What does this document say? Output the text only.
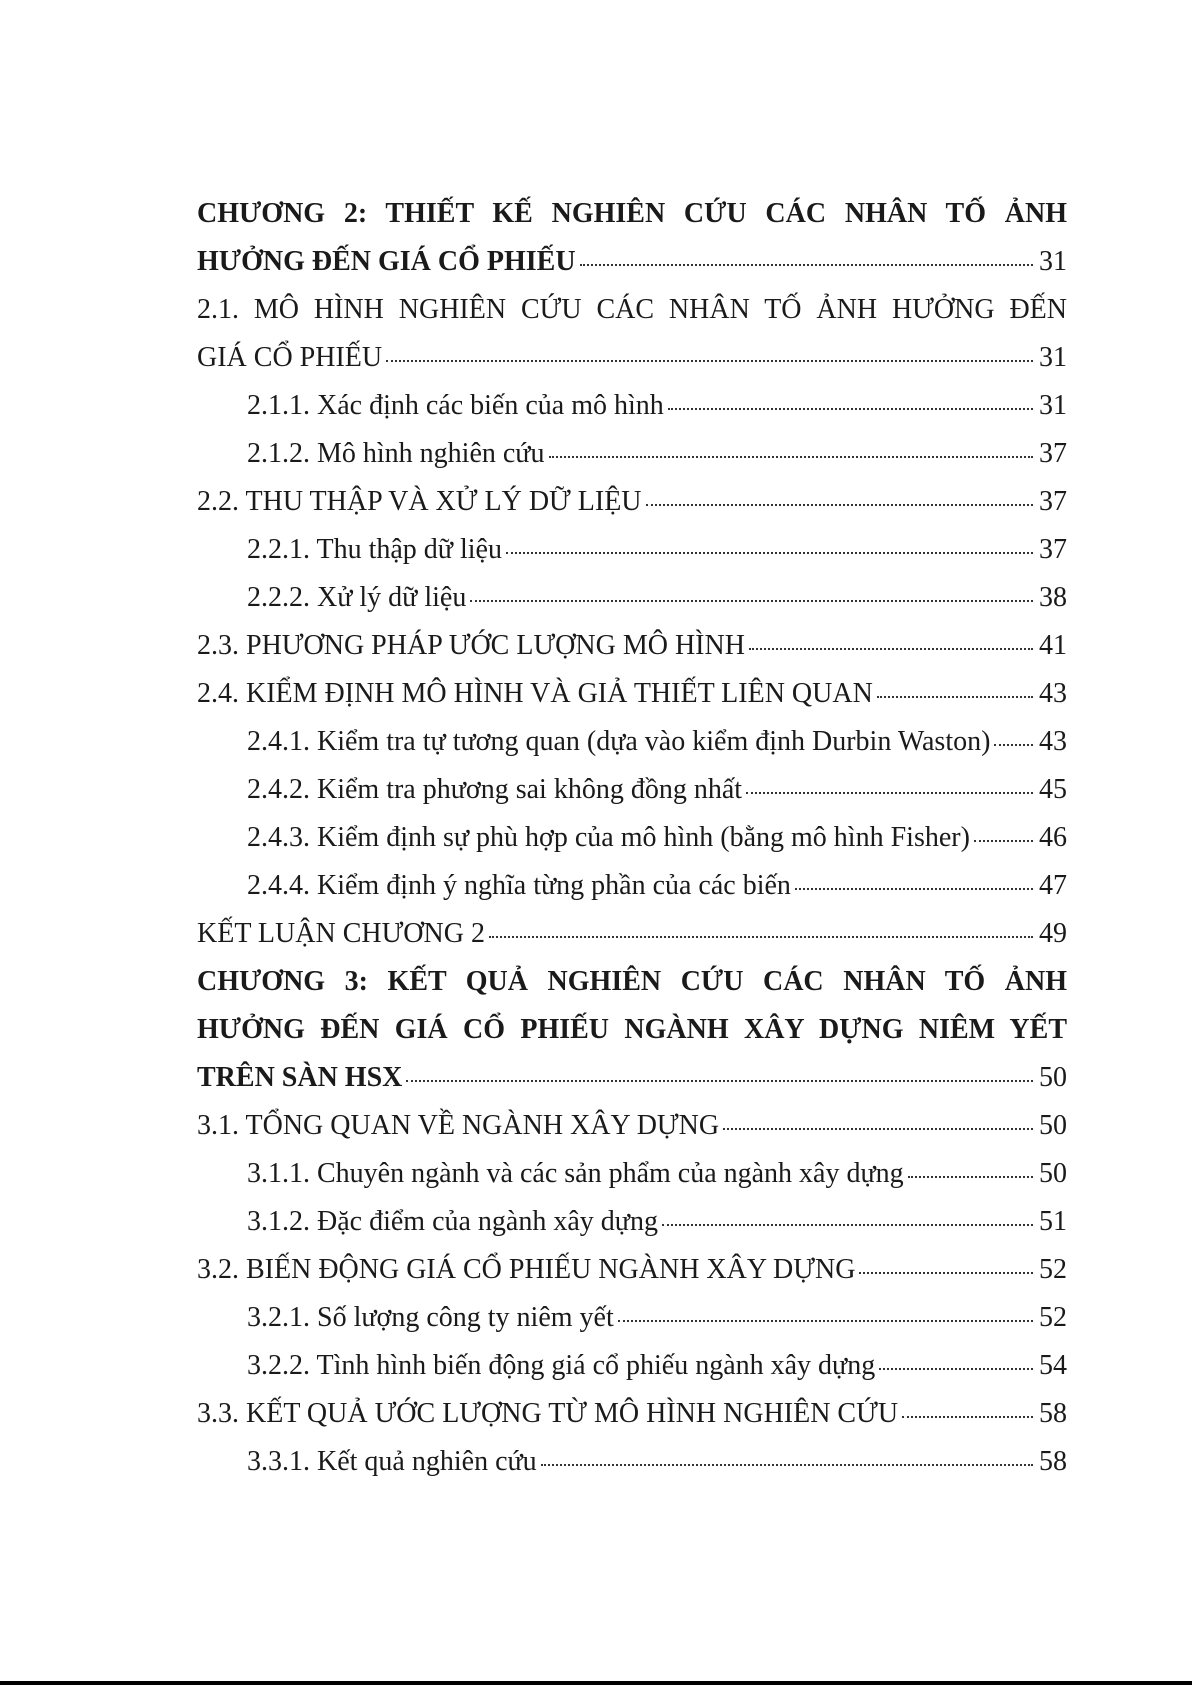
CHƯƠNG 2: THIẾT KẾ NGHIÊN CỨU CÁC NHÂN TỐ ẢNH
HƯỞNG ĐẾN GIÁ CỔ PHIẾU	31
2.1. MÔ HÌNH NGHIÊN CỨU CÁC NHÂN TỐ ẢNH HƯỞNG ĐẾN
GIÁ CỔ PHIẾU	31
2.1.1. Xác định các biến của mô hình	31
2.1.2. Mô hình nghiên cứu	37
2.2. THU THẬP VÀ XỬ LÝ DỮ LIỆU	37
2.2.1. Thu thập dữ liệu	37
2.2.2. Xử lý dữ liệu	38
2.3. PHƯƠNG PHÁP ƯỚC LƯỢNG MÔ HÌNH	41
2.4. KIỂM ĐỊNH MÔ HÌNH VÀ GIẢ THIẾT LIÊN QUAN	43
2.4.1. Kiểm tra tự tương quan (dựa vào kiểm định Durbin Waston) 43
2.4.2. Kiểm tra phương sai không đồng nhất	45
2.4.3. Kiểm định sự phù hợp của mô hình (bằng mô hình Fisher) 46
2.4.4. Kiểm định ý nghĩa từng phần của các biến	47
KẾT LUẬN CHƯƠNG 2	49
CHƯƠNG 3: KẾT QUẢ NGHIÊN CỨU CÁC NHÂN TỐ ẢNH
HƯỞNG ĐẾN GIÁ CỔ PHIẾU NGÀNH XÂY DỰNG NIÊM YẾT
TRÊN SÀN HSX	50
3.1. TỔNG QUAN VỀ NGÀNH XÂY DỰNG	50
3.1.1. Chuyên ngành và các sản phẩm của ngành xây dựng	50
3.1.2. Đặc điểm của ngành xây dựng	51
3.2. BIẾN ĐỘNG GIÁ CỔ PHIẾU NGÀNH XÂY DỰNG	52
3.2.1. Số lượng công ty niêm yết	52
3.2.2. Tình hình biến động giá cổ phiếu ngành xây dựng	54
3.3. KẾT QUẢ ƯỚC LƯỢNG TỪ MÔ HÌNH NGHIÊN CỨU	58
3.3.1. Kết quả nghiên cứu	58
